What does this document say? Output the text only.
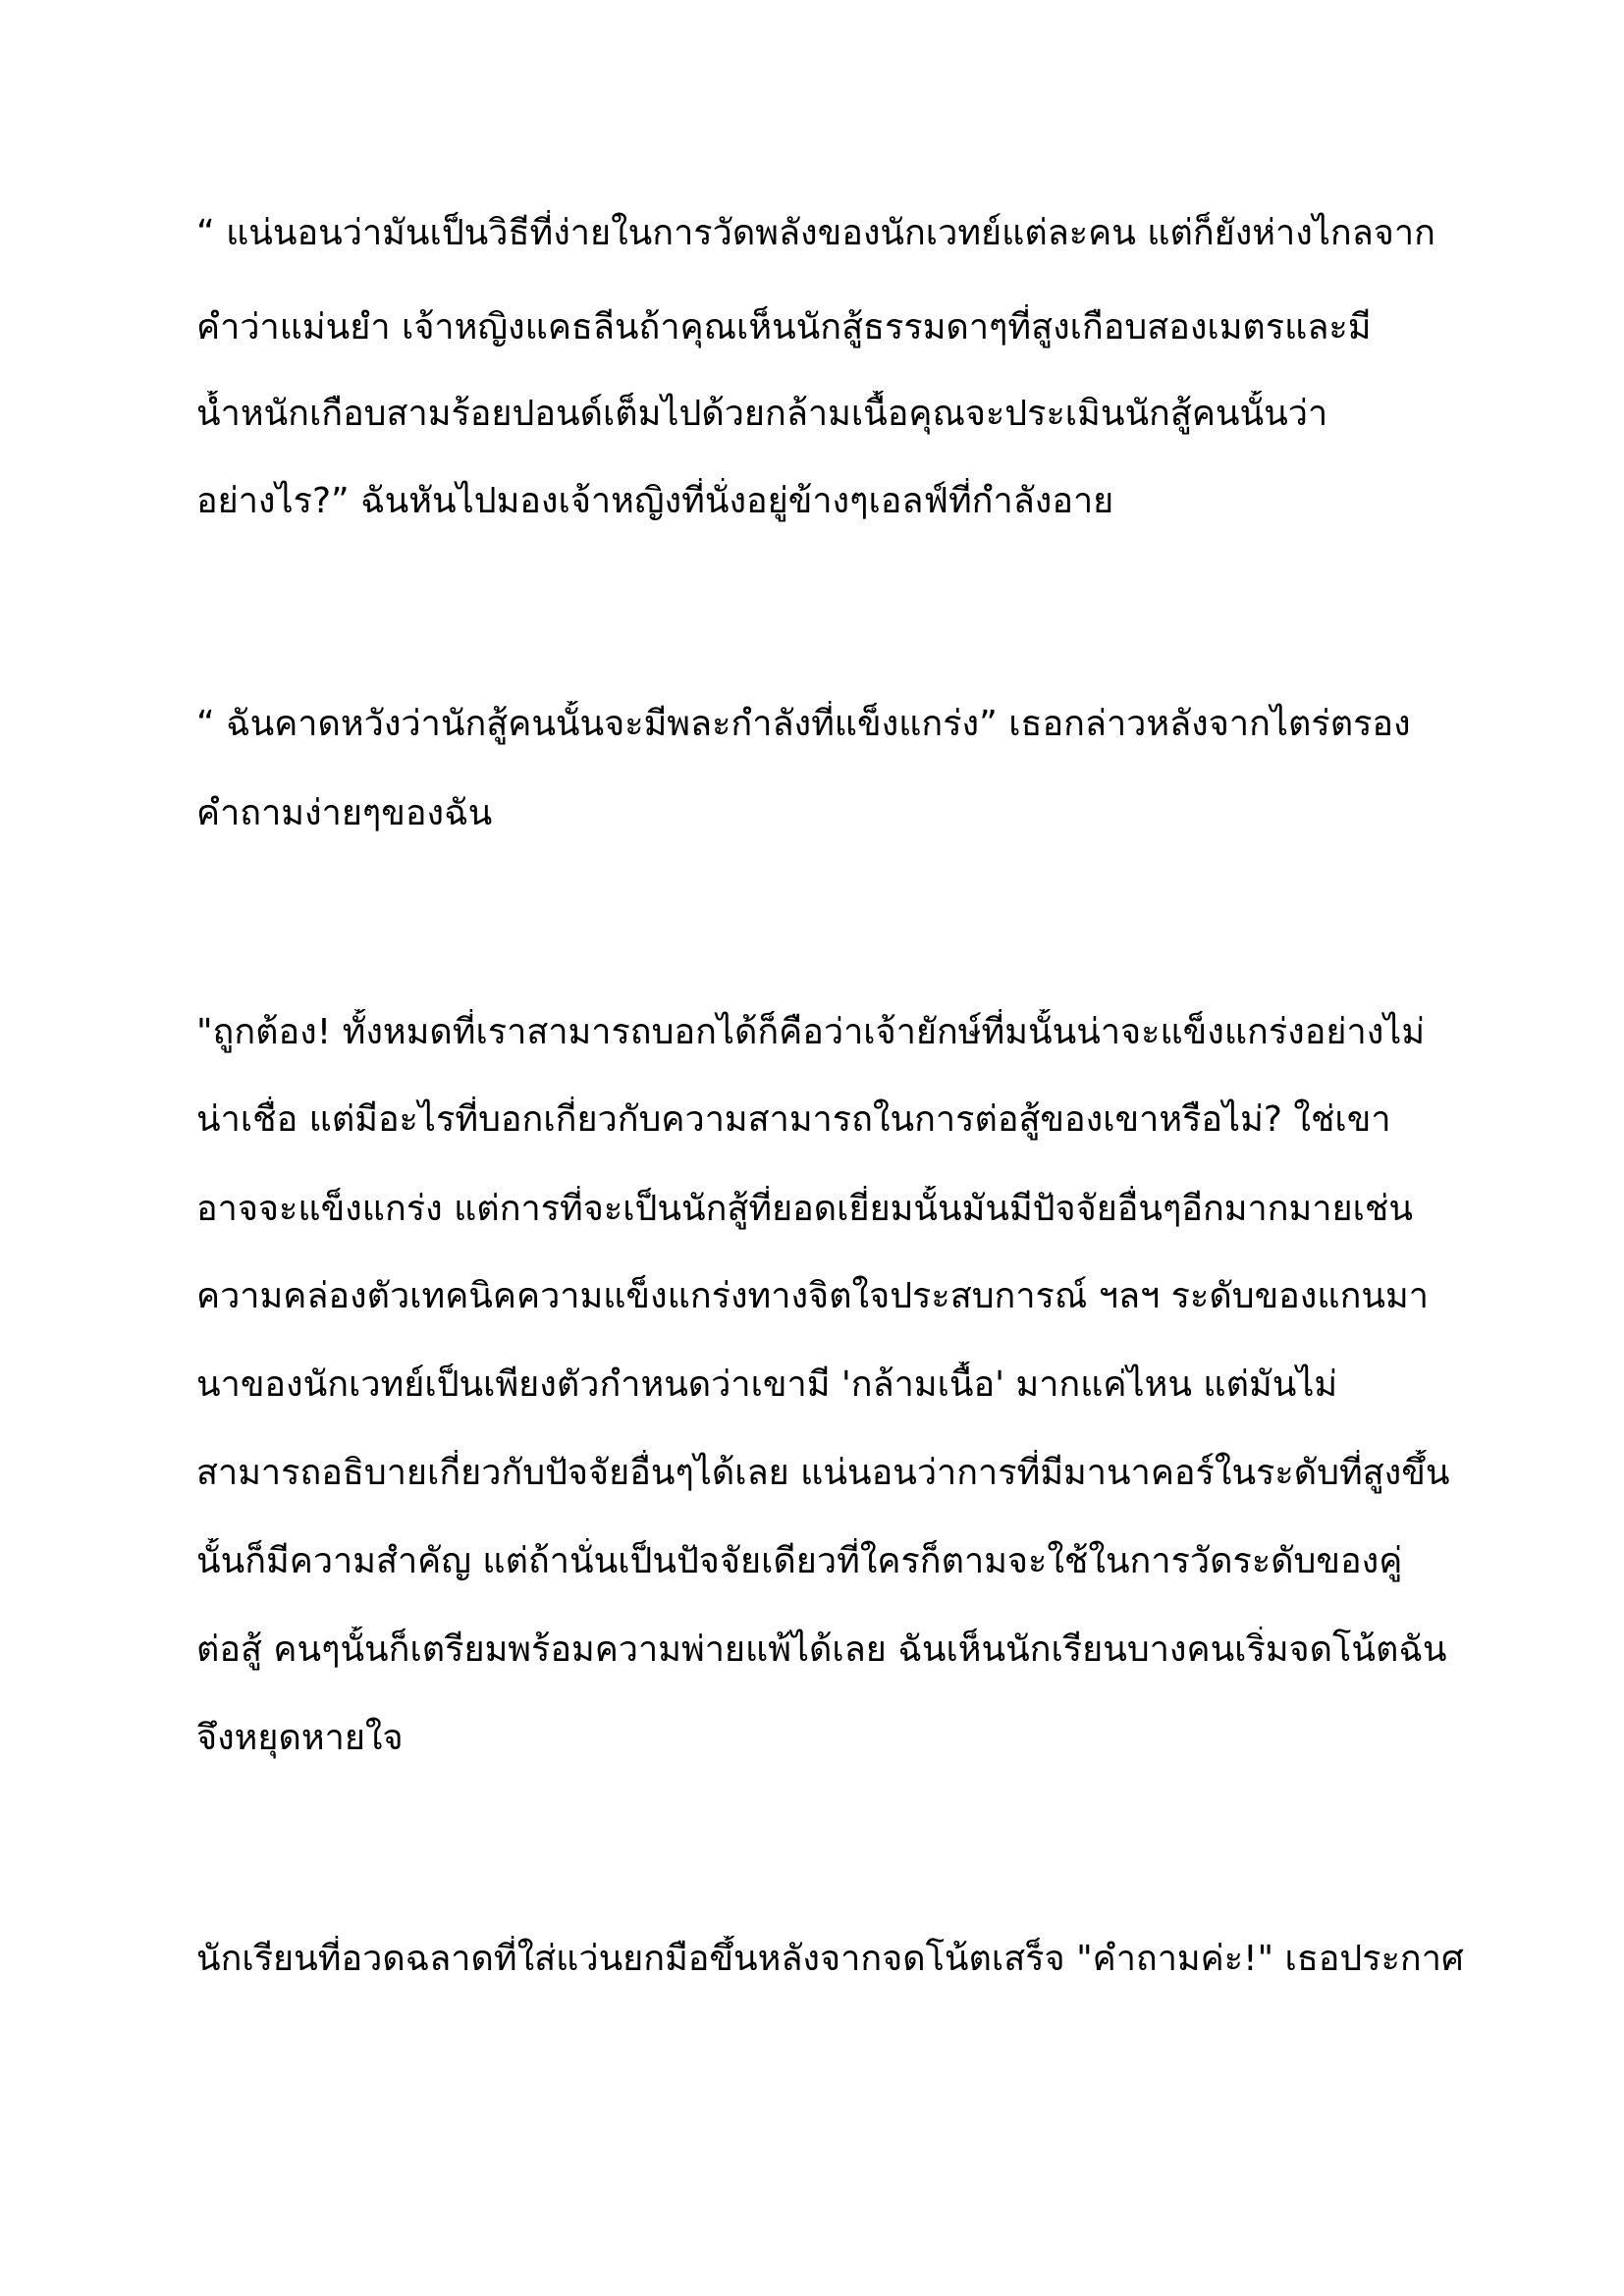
“ แน่นอนว่ามันเป็นวิธีที่ง่ายในการวัดพลังของนักเวทย์แต่ละคน แต่ก็ยังห่างไกลจาก
คำว่าแม่นยำ เจ้าหญิงแคธลีนถ้าคุณเห็นนักสู้ธรรมดาๆที่สูงเกือบสองเมตรและมี
น้ำหนักเกือบสามร้อยปอนด์เต็มไปด้วยกล้ามเนื้อคุณจะประเมินนักสู้คนนั้นว่า
อย่างไร?” ฉันหันไปมองเจ้าหญิงที่นั่งอยู่ข้างๆเอลฟ์ที่กำลังอาย
“ ฉันคาดหวังว่านักสู้คนนั้นจะมีพละกำลังที่แข็งแกร่ง” เธอกล่าวหลังจากไตร่ตรอง
คำถามง่ายๆของฉัน
"ถูกต้อง! ทั้งหมดที่เราสามารถบอกได้ก็คือว่าเจ้ายักษ์ที่มนั้นน่าจะแข็งแกร่งอย่างไม่
น่าเชื่อ แต่มีอะไรที่บอกเกี่ยวกับความสามารถในการต่อสู้ของเขาหรือไม่? ใช่เขา
อาจจะแข็งแกร่ง แต่การที่จะเป็นนักสู้ที่ยอดเยี่ยมนั้นมันมีปัจจัยอื่นๆอีกมากมายเช่น
ความคล่องตัวเทคนิคความแข็งแกร่งทางจิตใจประสบการณ์ ฯลฯ ระดับของแกนมา
นาของนักเวทย์เป็นเพียงตัวกำหนดว่าเขามี 'กล้ามเนื้อ' มากแค่ไหน แต่มันไม่
สามารถอธิบายเกี่ยวกับปัจจัยอื่นๆได้เลย แน่นอนว่าการที่มีมานาคอร์ในระดับที่สูงขึ้น
นั้นก็มีความสำคัญ แต่ถ้านั่นเป็นปัจจัยเดียวที่ใครก็ตามจะใช้ในการวัดระดับของคู่
ต่อสู้ คนๆนั้นก็เตรียมพร้อมความพ่ายแพ้ได้เลย ฉันเห็นนักเรียนบางคนเริ่มจดโน้ตฉัน
จึงหยุดหายใจ
นักเรียนที่อวดฉลาดที่ใส่แว่นยกมือขึ้นหลังจากจดโน้ตเสร็จ "คำถามค่ะ!" เธอประกาศ
